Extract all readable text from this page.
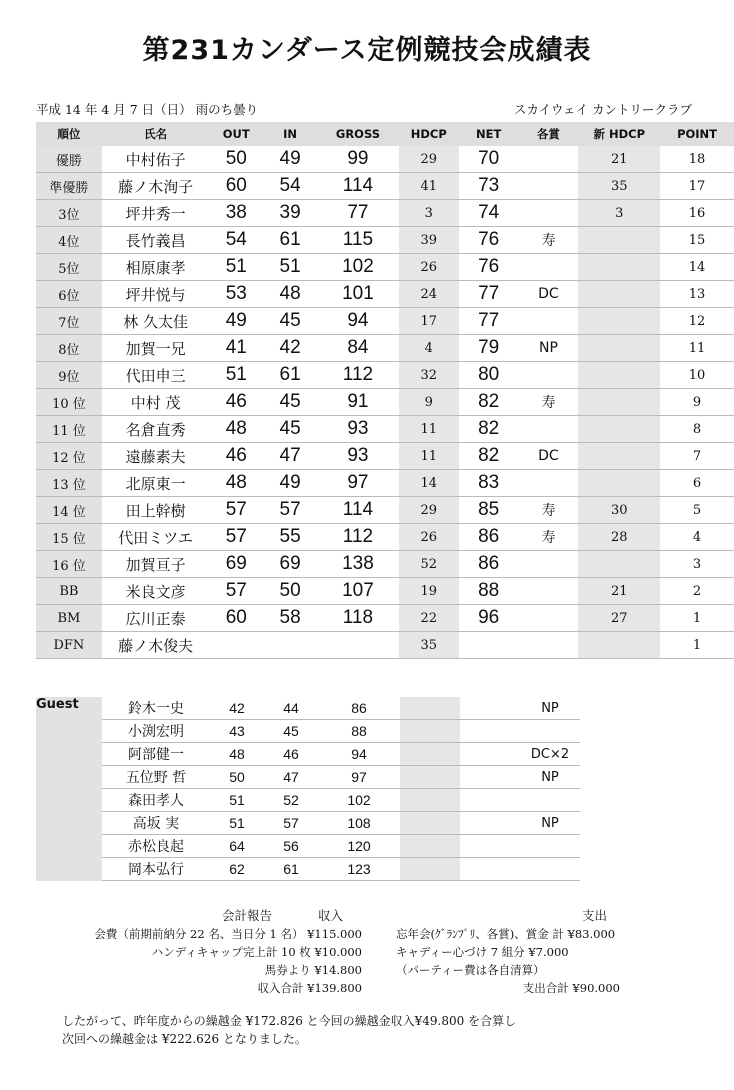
第231カンダース定例競技会成績表
平成 14 年 4 月 7 日（日） 雨のち曇り	スカイウェイ カントリークラブ
順位	氏名	OUT	IN	GROSS	HDCP	NET	各賞	新 HDCP	POINT
優勝	中村佑子	50	49	99	29	70		21	18
準優勝	藤ノ木洵子	60	54	114	41	73		35	17
3位	坪井秀一	38	39	77	3	74		3	16
4位	長竹義昌	54	61	115	39	76	寿		15
5位	相原康孝	51	51	102	26	76			14
6位	坪井悦与	53	48	101	24	77	DC		13
7位	林 久太佳	49	45	94	17	77			12
8位	加賀一兄	41	42	84	4	79	NP		11
9位	代田申三	51	61	112	32	80			10
10 位	中村 茂	46	45	91	9	82	寿		9
11 位	名倉直秀	48	45	93	11	82			8
12 位	遠藤素夫	46	47	93	11	82	DC		7
13 位	北原東一	48	49	97	14	83			6
14 位	田上幹樹	57	57	114	29	85	寿	30	5
15 位	代田ミツエ	57	55	112	26	86	寿	28	4
16 位	加賀亘子	69	69	138	52	86			3
BB	米良文彦	57	50	107	19	88		21	2
BM	広川正泰	60	58	118	22	96		27	1
DFN	藤ノ木俊夫				35				1
Guest	鈴木一史	42	44	86			NP
	小渕宏明	43	45	88			
	阿部健一	48	46	94			DC×2
	五位野 哲	50	47	97			NP
	森田孝人	51	52	102			
	高坂 実	51	57	108			NP
	赤松良起	64	56	120			
	岡本弘行	62	61	123			
会計報告	収入	支出
会費（前期前納分 22 名、当日分 1 名） ¥115.000
ハンディキャップ完上計 10 枚 ¥10.000
馬券より ¥14.800
収入合計 ¥139.800
忘年会(ｸﾞﾗﾝﾌﾟﾘ、各賞)、賞金 計 ¥83.000
キャディー心づけ 7 組分 ¥7.000
（パーティー費は各自清算）
支出合計 ¥90.000
したがって、昨年度からの繰越金 ¥172.826 と今回の繰越金収入¥49.800 を合算し
次回への繰越金は ¥222.626 となりました。
